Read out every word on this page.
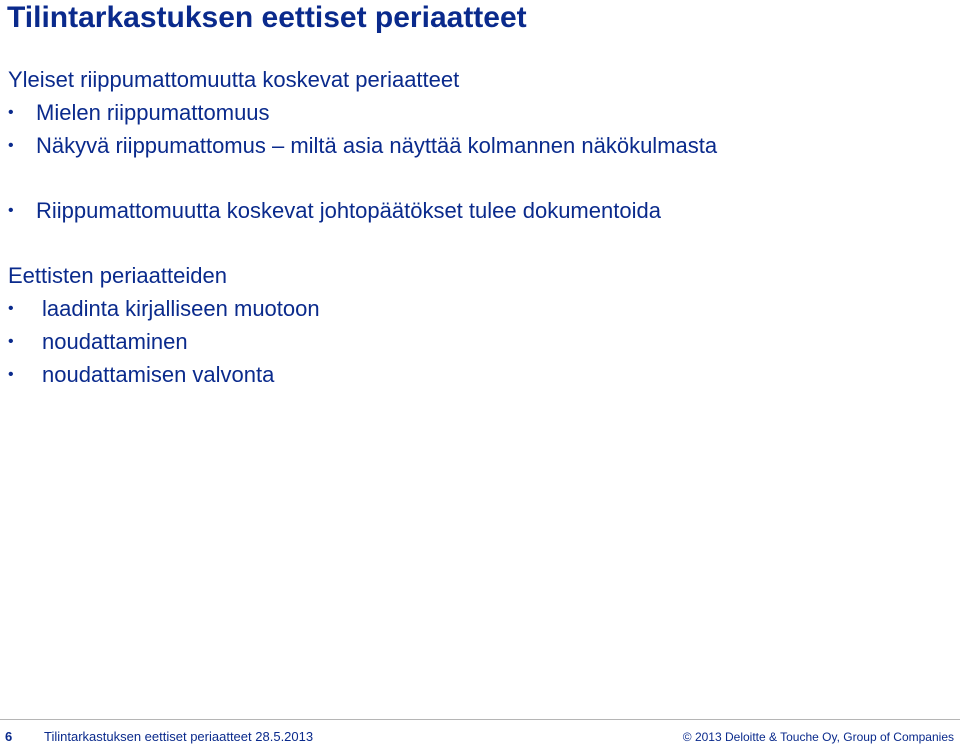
Tilintarkastuksen eettiset periaatteet
Yleiset riippumattomuutta koskevat periaatteet
• Mielen riippumattomuus
• Näkyvä riippumattomus – miltä asia näyttää kolmannen näkökulmasta
• Riippumattomuutta koskevat johtopäätökset tulee dokumentoida
Eettisten periaatteiden
• laadinta kirjalliseen muotoon
• noudattaminen
• noudattamisen valvonta
6 Tilintarkastuksen eettiset periaatteet 28.5.2013	© 2013 Deloitte & Touche Oy, Group of Companies
